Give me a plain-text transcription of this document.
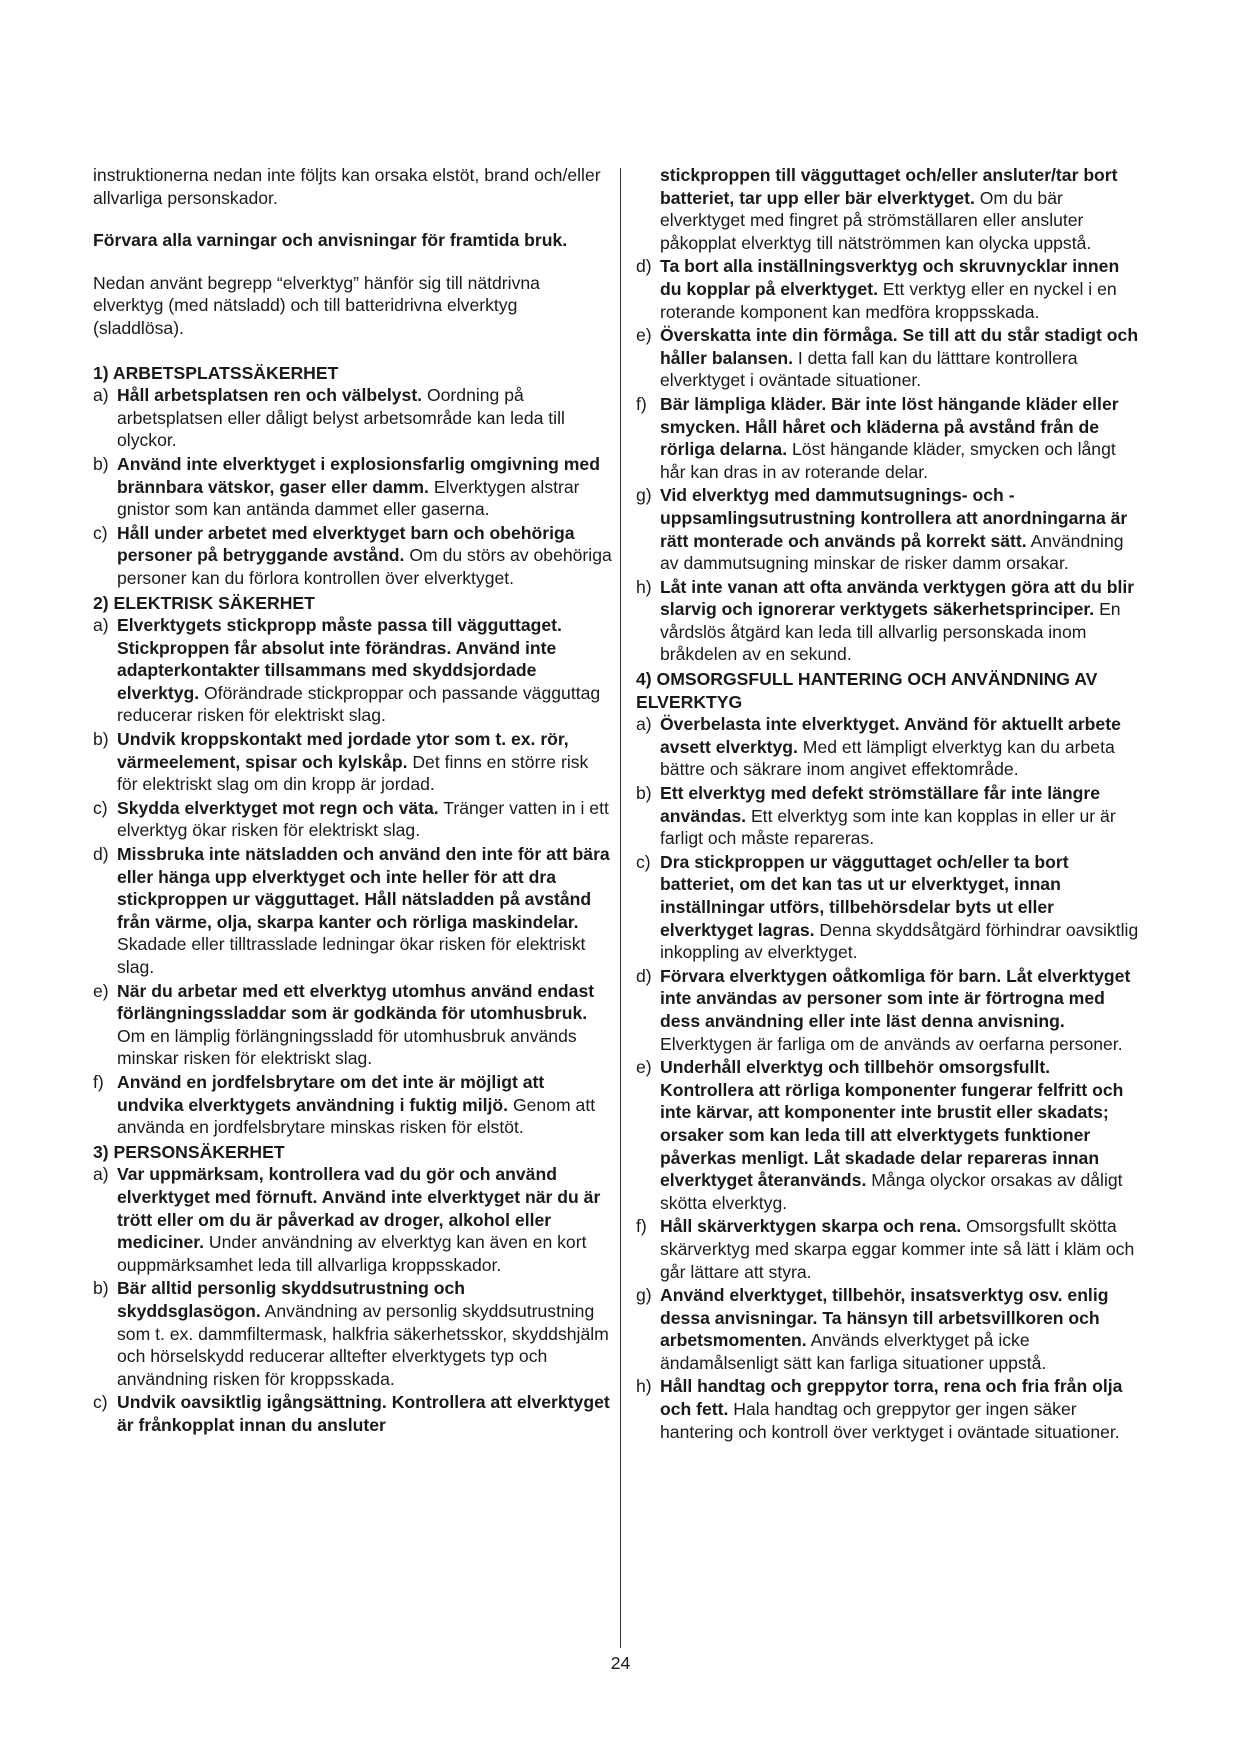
instruktionerna nedan inte följts kan orsaka elstöt, brand och/eller allvarliga personskador.

Förvara alla varningar och anvisningar för framtida bruk.

Nedan använt begrepp “elverktyg” hänför sig till nätdrivna elverktyg (med nätsladd) och till batteridrivna elverktyg (sladdlösa).

1) ARBETSPLATSSÄKERHET

a) Håll arbetsplatsen ren och välbelyst. Oordning på arbetsplatsen eller dåligt belyst arbetsområde kan leda till olyckor.
b) Använd inte elverktyget i explosionsfarlig omgivning med brännbara vätskor, gaser eller damm. Elverktygen alstrar gnistor som kan antända dammet eller gaserna.
c) Håll under arbetet med elverktyget barn och obehöriga personer på betryggande avstånd. Om du störs av obehöriga personer kan du förlora kontrollen över elverktyget.

2) ELEKTRISK SÄKERHET

a) Elverktygets stickpropp måste passa till vägguttaget. Stickproppen får absolut inte förändras. Använd inte adapterkontakter tillsammans med skyddsjordade elverktyg. Oförändrade stickproppar och passande vägguttag reducerar risken för elektriskt slag.
b) Undvik kroppskontakt med jordade ytor som t. ex. rör, värmeelement, spisar och kylskåp. Det finns en större risk för elektriskt slag om din kropp är jordad.
c) Skydda elverktyget mot regn och väta. Tränger vatten in i ett elverktyg ökar risken för elektriskt slag.
d) Missbruka inte nätsladden och använd den inte för att bära eller hänga upp elverktyget och inte heller för att dra stickproppen ur vägguttaget. Håll nätsladden på avstånd från värme, olja, skarpa kanter och rörliga maskindelar. Skadade eller tilltrasslade ledningar ökar risken för elektriskt slag.
e) När du arbetar med ett elverktyg utomhus använd endast förlängningssladdar som är godkända för utomhusbruk. Om en lämplig förlängningssladd för utomhusbruk används minskar risken för elektriskt slag.
f) Använd en jordfelsbrytare om det inte är möjligt att undvika elverktygets användning i fuktig miljö. Genom att använda en jordfelsbrytare minskas risken för elstöt.

3) PERSONSÄKERHET

a) Var uppmärksam, kontrollera vad du gör och använd elverktyget med förnuft. Använd inte elverktyget när du är trött eller om du är påverkad av droger, alkohol eller mediciner. Under användning av elverktyg kan även en kort ouppmärksamhet leda till allvarliga kroppsskador.
b) Bär alltid personlig skyddsutrustning och skyddsglasögon. Användning av personlig skyddsutrustning som t. ex. dammfiltermask, halkfria säkerhetsskor, skyddshjälm och hörselskydd reducerar alltefter elverktygets typ och användning risken för kroppsskada.
c) Undvik oavsiktlig igångsättning. Kontrollera att elverktyget är frånkopplat innan du ansluter
stickproppen till vägguttaget och/eller ansluter/tar bort batteriet, tar upp eller bär elverktyget. Om du bär elverktyget med fingret på strömställaren eller ansluter påkopplat elverktyg till nätströmmen kan olycka uppstå.
d) Ta bort alla inställningsverktyg och skruvnycklar innen du kopplar på elverktyget. Ett verktyg eller en nyckel i en roterande komponent kan medföra kroppsskada.
e) Överskatta inte din förmåga. Se till att du står stadigt och håller balansen. I detta fall kan du lätttare kontrollera elverktyget i oväntade situationer.
f) Bär lämpliga kläder. Bär inte löst hängande kläder eller smycken. Håll håret och kläderna på avstånd från de rörliga delarna. Löst hängande kläder, smycken och långt hår kan dras in av roterande delar.
g) Vid elverktyg med dammutsugnings- och -uppsamlingsutrustning kontrollera att anordningarna är rätt monterade och används på korrekt sätt. Användning av dammutsugning minskar de risker damm orsakar.
h) Låt inte vanan att ofta använda verktygen göra att du blir slarvig och ignorerar verktygets säkerhetsprinciper. En vårdslös åtgärd kan leda till allvarlig personskada inom bråkdelen av en sekund.

4) OMSORGSFULL HANTERING OCH ANVÄNDNING AV ELVERKTYG

a) Överbelasta inte elverktyget. Använd för aktuellt arbete avsett elverktyg. Med ett lämpligt elverktyg kan du arbeta bättre och säkrare inom angivet effektområde.
b) Ett elverktyg med defekt strömställare får inte längre användas. Ett elverktyg som inte kan kopplas in eller ur är farligt och måste repareras.
c) Dra stickproppen ur vägguttaget och/eller ta bort batteriet, om det kan tas ut ur elverktyget, innan inställningar utförs, tillbehörsdelar byts ut eller elverktyget lagras. Denna skyddsåtgärd förhindrar oavsiktlig inkoppling av elverktyget.
d) Förvara elverktygen oåtkomliga för barn. Låt elverktyget inte användas av personer som inte är förtrogna med dess användning eller inte läst denna anvisning. Elverktygen är farliga om de används av oerfarna personer.
e) Underhåll elverktyg och tillbehör omsorgsfullt. Kontrollera att rörliga komponenter fungerar felfritt och inte kärvar, att komponenter inte brustit eller skadats; orsaker som kan leda till att elverktygets funktioner påverkas menligt. Låt skadade delar repareras innan elverktyget återanvänds. Många olyckor orsakas av dåligt skötta elverktyg.
f) Håll skärverktygen skarpa och rena. Omsorgsfullt skötta skärverktyg med skarpa eggar kommer inte så lätt i kläm och går lättare att styra.
g) Använd elverktyget, tillbehör, insatsverktyg osv. enlig dessa anvisningar. Ta hänsyn till arbetsvillkoren och arbetsmomenten. Används elverktyget på icke ändamålsenligt sätt kan farliga situationer uppstå.
h) Håll handtag och greppytor torra, rena och fria från olja och fett. Hala handtag och greppytor ger ingen säker hantering och kontroll över verktyget i oväntade situationer.
24
